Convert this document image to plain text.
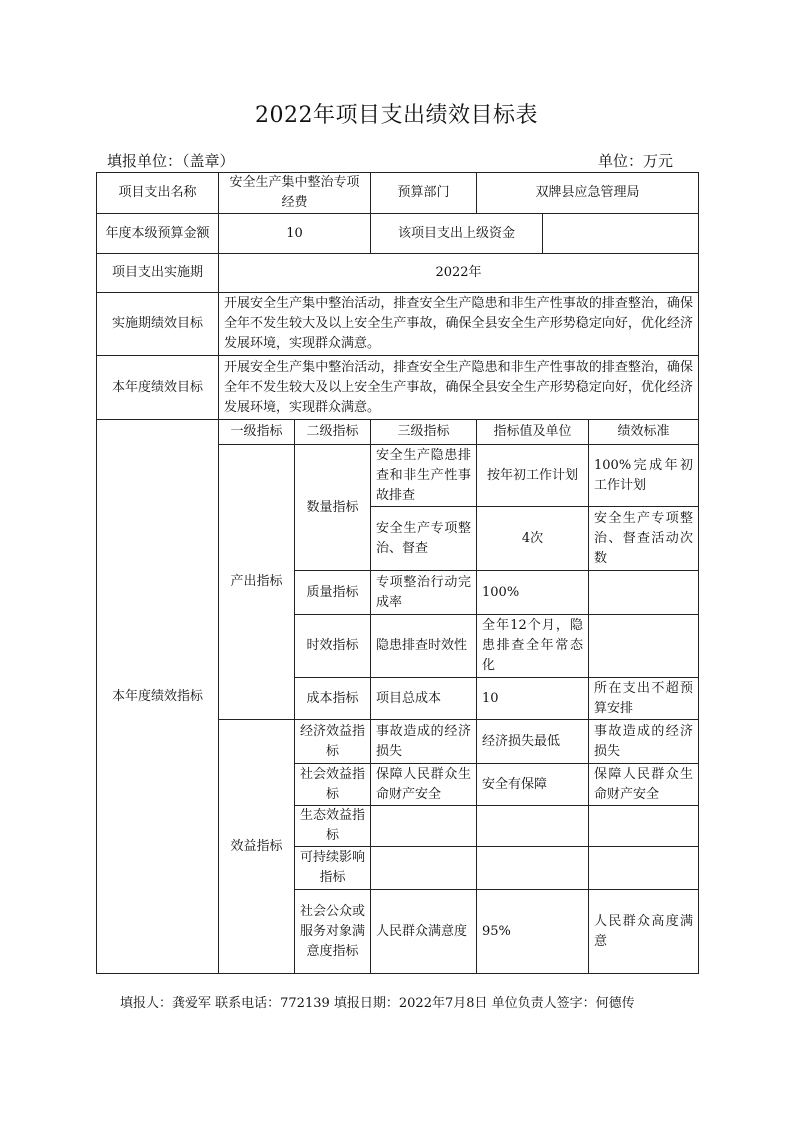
2022年项目支出绩效目标表
填报单位：（盖章）	单位：万元
项目支出名称	安全生产集中整治专项经费		预算部门	双牌县应急管理局		
年度本级预算金额	10		该项目支出上级资金			
项目支出实施期	2022年					
实施期绩效目标	开展安全生产集中整治活动，排查安全生产隐患和非生产性事故的排查整治，确保全年不发生较大及以上安全生产事故，确保全县安全生产形势稳定向好，优化经济发展环境，实现群众满意。					
本年度绩效目标	开展安全生产集中整治活动，排查安全生产隐患和非生产性事故的排查整治，确保全年不发生较大及以上安全生产事故，确保全县安全生产形势稳定向好，优化经济发展环境，实现群众满意。					
本年度绩效指标	一级指标	二级指标	三级指标	指标值及单位		绩效标准
	产出指标	数量指标	安全生产隐患排查和非生产性事故排查	按年初工作计划		100%完成年初工作计划
			安全生产专项整治、督查	4次		安全生产专项整治、督查活动次数
		质量指标	专项整治行动完成率	100%		
		时效指标	隐患排查时效性	全年12个月，隐患排查全年常态化		
		成本指标	项目总成本	10		所在支出不超预算安排
	效益指标	经济效益指标	事故造成的经济损失	经济损失最低		事故造成的经济损失
		社会效益指标	保障人民群众生命财产安全	安全有保障		保障人民群众生命财产安全
		生态效益指标				
		可持续影响指标				
		社会公众或服务对象满意度指标	人民群众满意度	95%		人民群众高度满意
填报人：龚爱军 联系电话：772139 填报日期：2022年7月8日 单位负责人签字：何德传
